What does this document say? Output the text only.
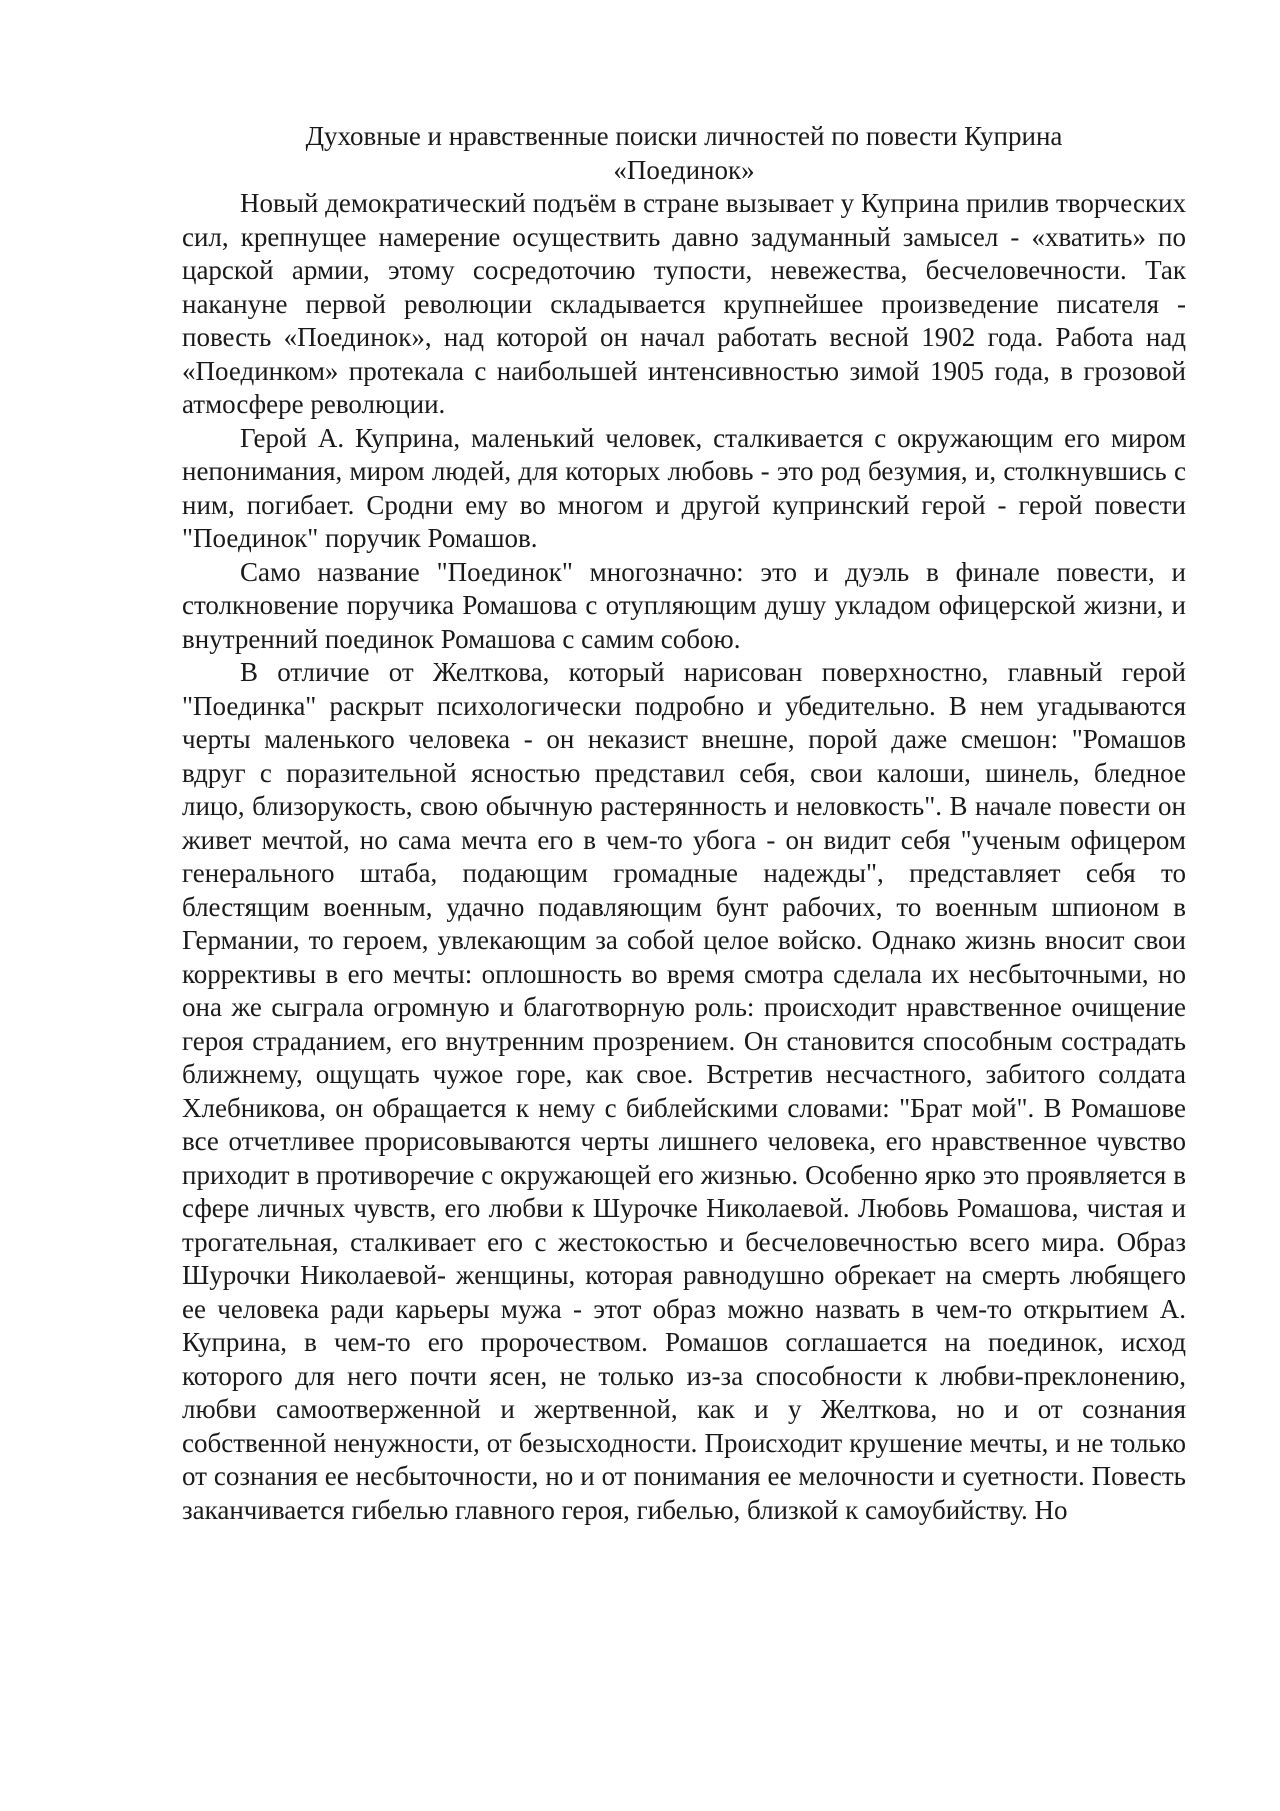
Духовные и нравственные поиски личностей по повести Куприна
«Поединок»

Новый демократический подъём в стране вызывает у Куприна прилив творческих сил, крепнущее намерение осуществить давно задуманный замысел - «хватить» по царской армии, этому сосредоточию тупости, невежества, бесчеловечности. Так накануне первой революции складывается крупнейшее произведение писателя - повесть «Поединок», над которой он начал работать весной 1902 года. Работа над «Поединком» протекала с наибольшей интенсивностью зимой 1905 года, в грозовой атмосфере революции.

Герой А. Куприна, маленький человек, сталкивается с окружающим его миром непонимания, миром людей, для которых любовь - это род безумия, и, столкнувшись с ним, погибает. Сродни ему во многом и другой купринский герой - герой повести "Поединок" поручик Ромашов.

Само название "Поединок" многозначно: это и дуэль в финале повести, и столкновение поручика Ромашова с отупляющим душу укладом офицерской жизни, и внутренний поединок Ромашова с самим собою.

В отличие от Желткова, который нарисован поверхностно, главный герой "Поединка" раскрыт психологически подробно и убедительно. В нем угадываются черты маленького человека - он неказист внешне, порой даже смешон: "Ромашов вдруг с поразительной ясностью представил себя, свои калоши, шинель, бледное лицо, близорукость, свою обычную растерянность и неловкость". В начале повести он живет мечтой, но сама мечта его в чем-то убога - он видит себя "ученым офицером генерального штаба, подающим громадные надежды", представляет себя то блестящим военным, удачно подавляющим бунт рабочих, то военным шпионом в Германии, то героем, увлекающим за собой целое войско. Однако жизнь вносит свои коррективы в его мечты: оплошность во время смотра сделала их несбыточными, но она же сыграла огромную и благотворную роль: происходит нравственное очищение героя страданием, его внутренним прозрением. Он становится способным сострадать ближнему, ощущать чужое горе, как свое. Встретив несчастного, забитого солдата Хлебникова, он обращается к нему с библейскими словами: "Брат мой". В Ромашове все отчетливее прорисовываются черты лишнего человека, его нравственное чувство приходит в противоречие с окружающей его жизнью. Особенно ярко это проявляется в сфере личных чувств, его любви к Шурочке Николаевой. Любовь Ромашова, чистая и трогательная, сталкивает его с жестокостью и бесчеловечностью всего мира. Образ Шурочки Николаевой- женщины, которая равнодушно обрекает на смерть любящего ее человека ради карьеры мужа - этот образ можно назвать в чем-то открытием А. Куприна, в чем-то его пророчеством. Ромашов соглашается на поединок, исход которого для него почти ясен, не только из-за способности к любви-преклонению, любви самоотверженной и жертвенной, как и у Желткова, но и от сознания собственной ненужности, от безысходности. Происходит крушение мечты, и не только от сознания ее несбыточности, но и от понимания ее мелочности и суетности. Повесть заканчивается гибелью главного героя, гибелью, близкой к самоубийству. Но
